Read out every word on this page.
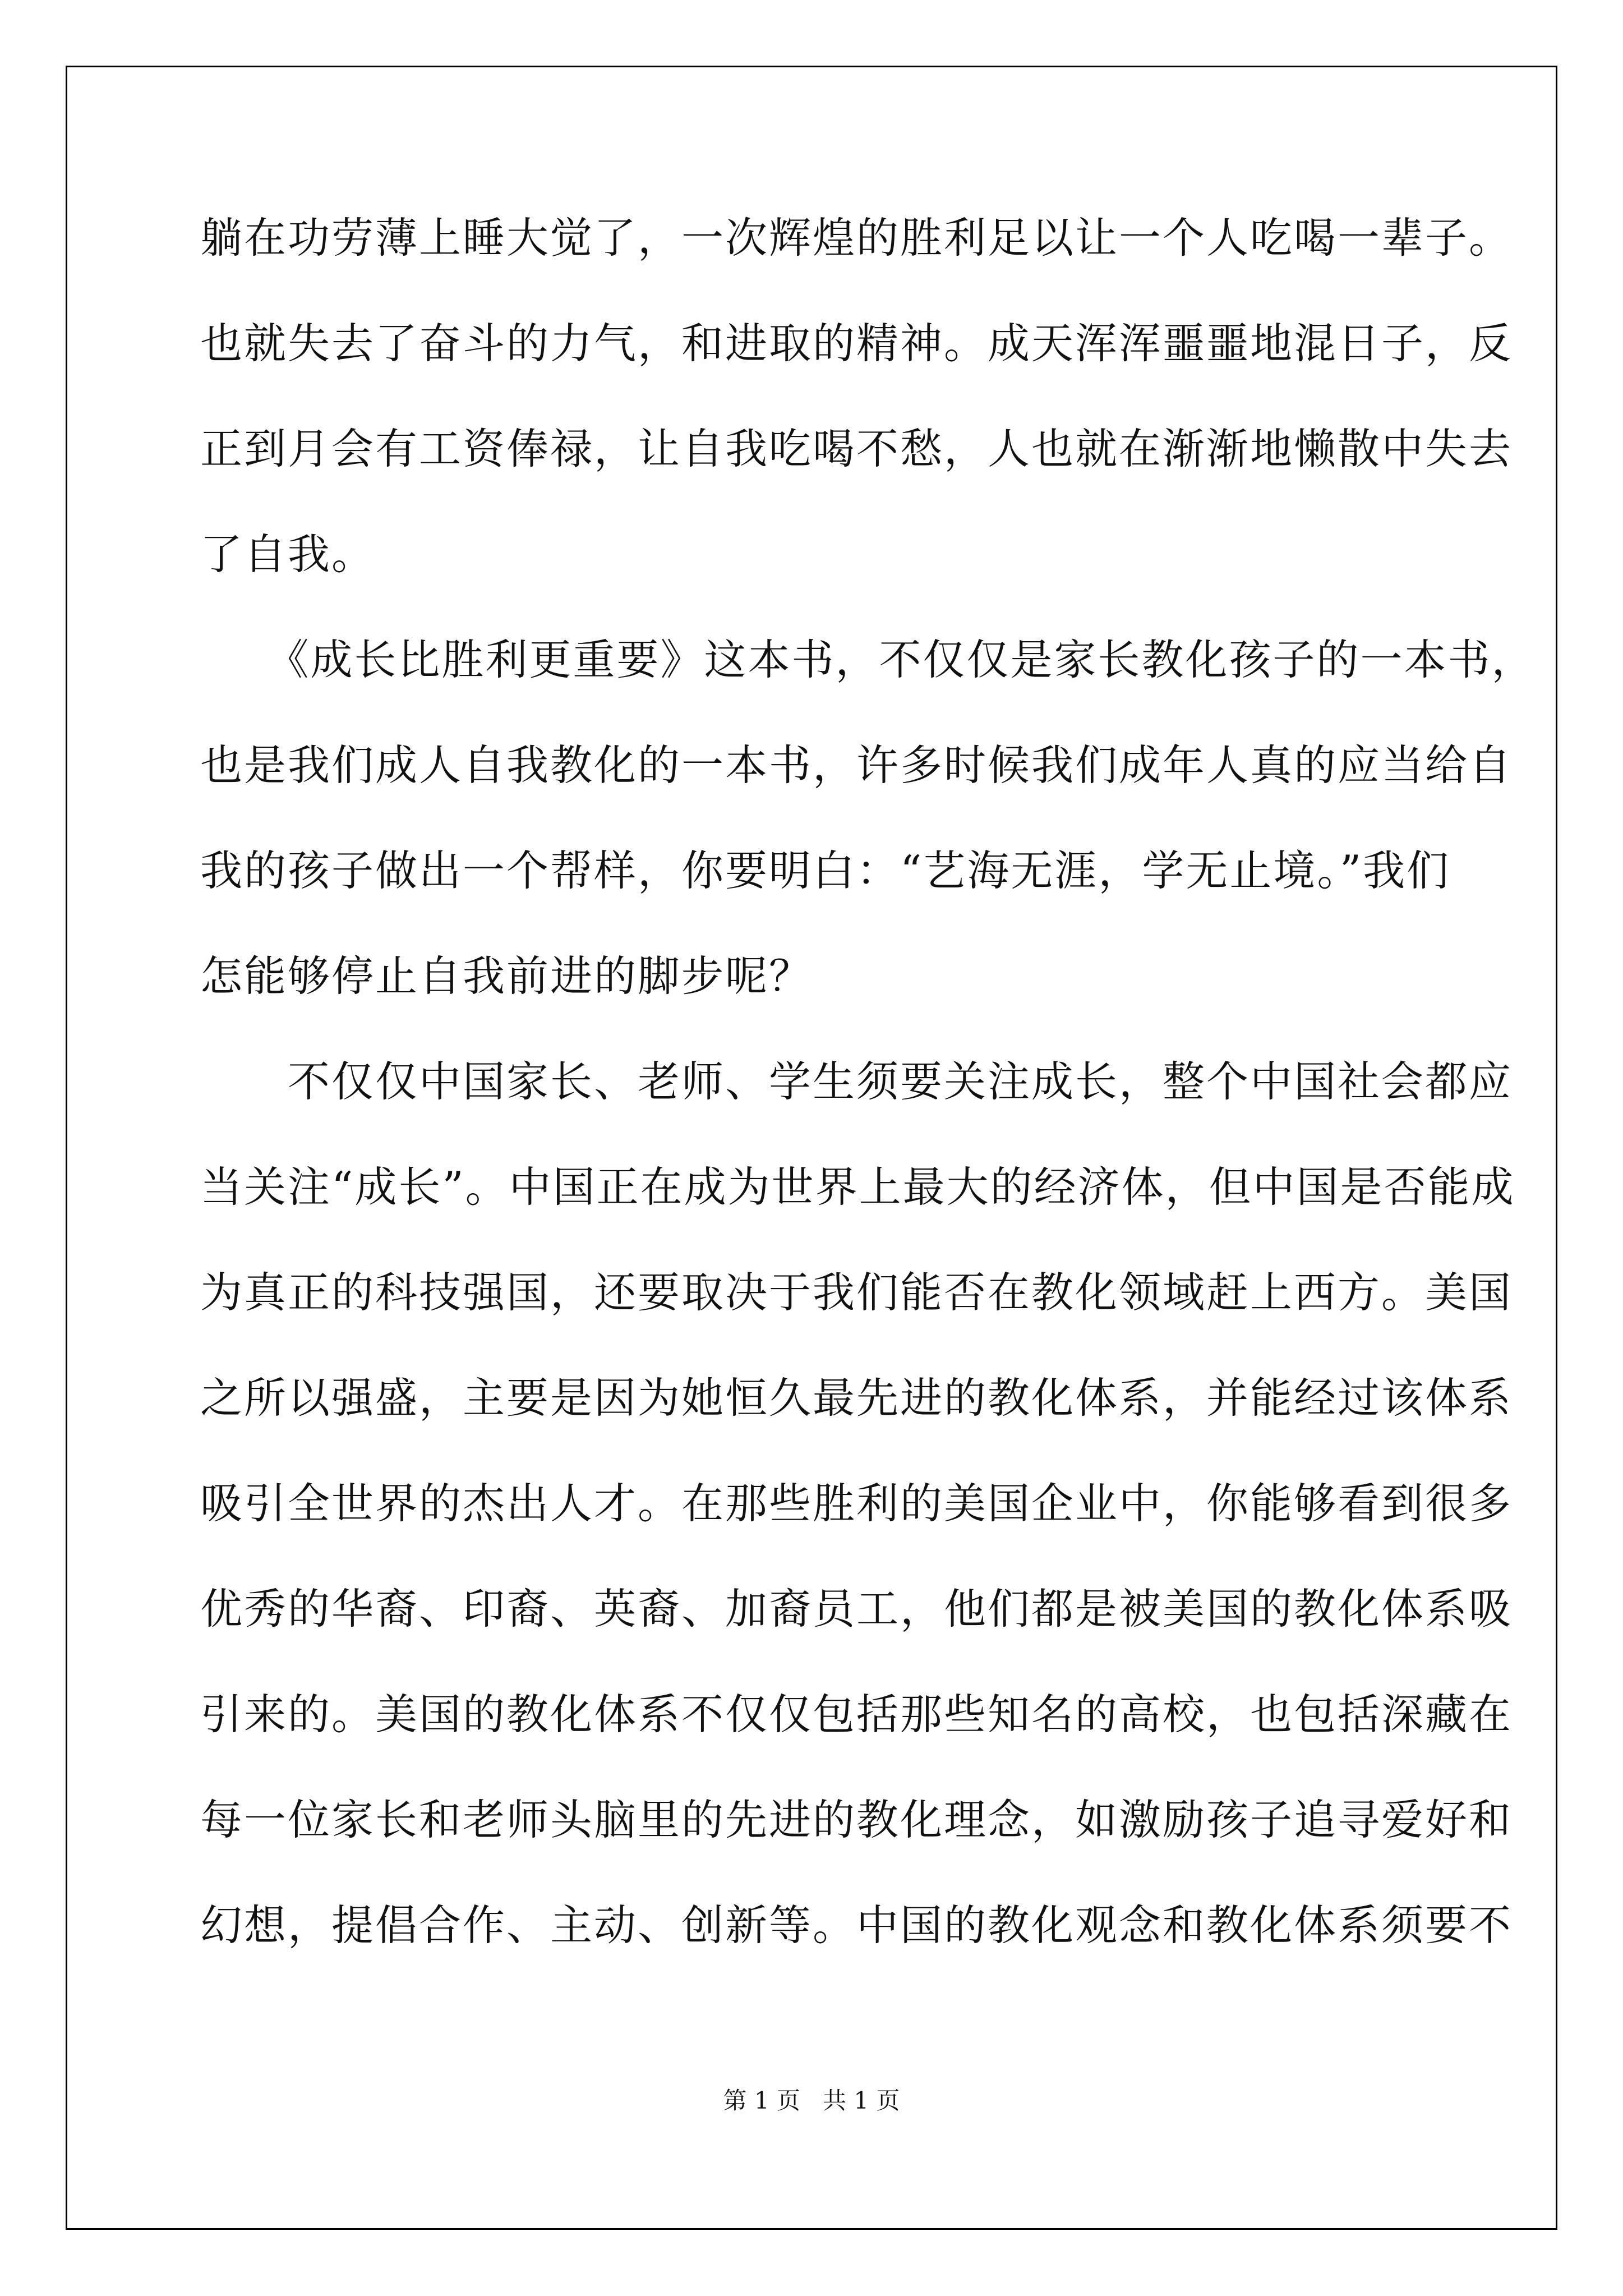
躺在功劳薄上睡大觉了，一次辉煌的胜利足以让一个人吃喝一辈子。
也就失去了奋斗的力气，和进取的精神。成天浑浑噩噩地混日子，反
正到月会有工资俸禄，让自我吃喝不愁，人也就在渐渐地懒散中失去
了自我。
　　《成长比胜利更重要》这本书，不仅仅是家长教化孩子的一本书，
也是我们成人自我教化的一本书，许多时候我们成年人真的应当给自
我的孩子做出一个帮样，你要明白：“艺海无涯，学无止境。”我们
怎能够停止自我前进的脚步呢？
　　不仅仅中国家长、老师、学生须要关注成长，整个中国社会都应
当关注“成长”。中国正在成为世界上最大的经济体，但中国是否能成
为真正的科技强国，还要取决于我们能否在教化领域赶上西方。美国
之所以强盛，主要是因为她恒久最先进的教化体系，并能经过该体系
吸引全世界的杰出人才。在那些胜利的美国企业中，你能够看到很多
优秀的华裔、印裔、英裔、加裔员工，他们都是被美国的教化体系吸
引来的。美国的教化体系不仅仅包括那些知名的高校，也包括深藏在
每一位家长和老师头脑里的先进的教化理念，如激励孩子追寻爱好和
幻想，提倡合作、主动、创新等。中国的教化观念和教化体系须要不
第 1 页   共 1 页
